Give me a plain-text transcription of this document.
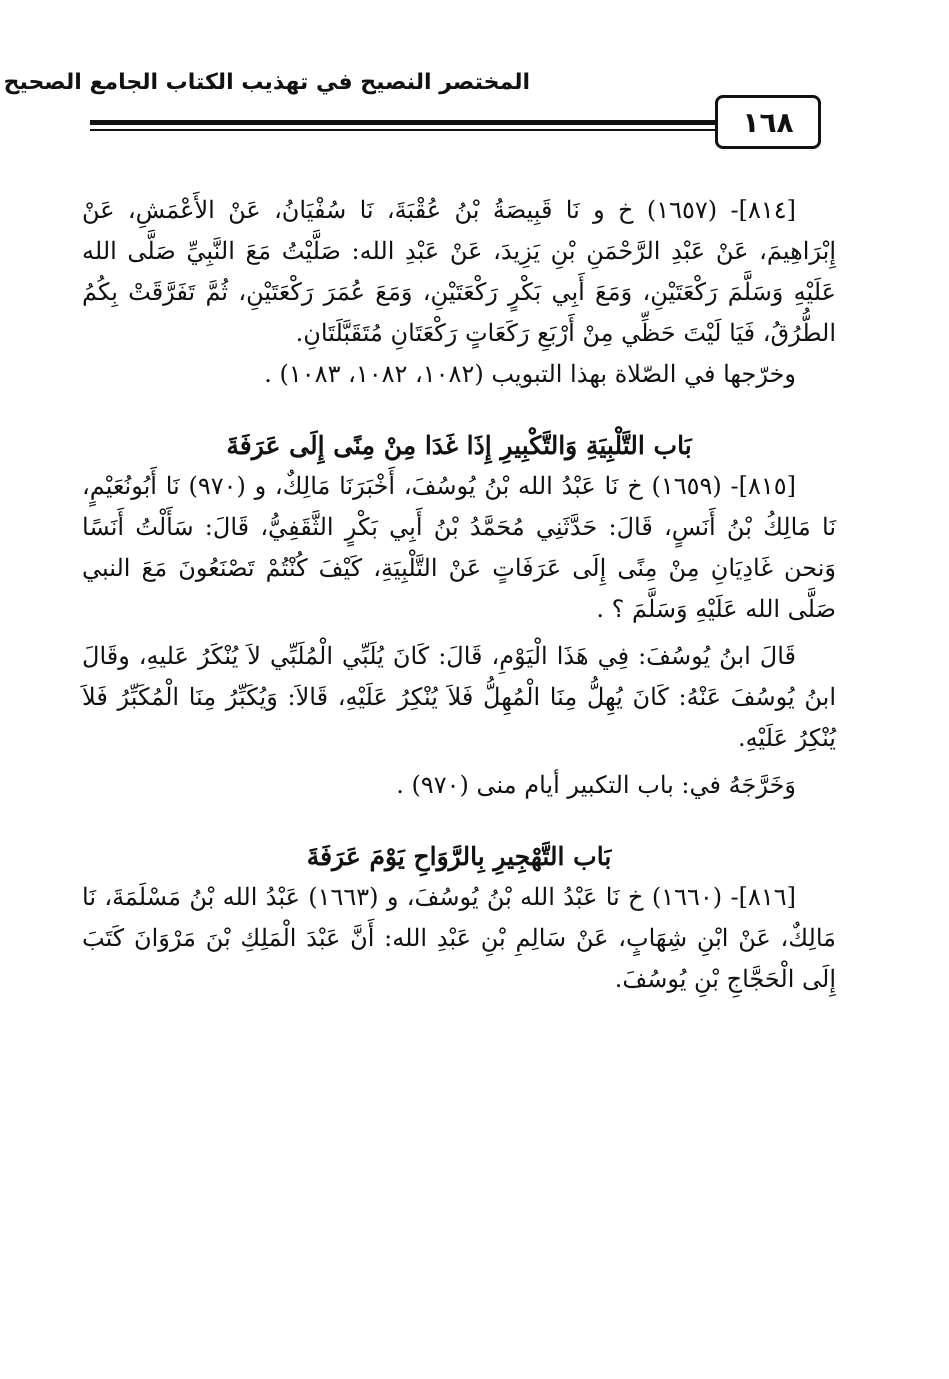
المختصر النصيح في تهذيب الكتاب الجامع الصحيح
١٦٨

[٨١٤]- (١٦٥٧) خ و نَا قَبِيصَةُ بْنُ عُقْبَةَ، نَا سُفْيَانُ، عَنْ الأَعْمَشِ، عَنْ إِبْرَاهِيمَ، عَنْ عَبْدِ الرَّحْمَنِ بْنِ يَزِيدَ، عَنْ عَبْدِ الله: صَلَّيْتُ مَعَ النَّبِيِّ صَلَّى الله عَلَيْهِ وَسَلَّمَ رَكْعَتَيْنِ، وَمَعَ أَبِي بَكْرٍ رَكْعَتَيْنِ، وَمَعَ عُمَرَ رَكْعَتَيْنِ، ثُمَّ تَفَرَّقَتْ بِكُمُ الطُّرُقُ، فَيَا لَيْتَ حَظِّي مِنْ أَرْبَعِ رَكَعَاتٍ رَكْعَتَانِ مُتَقَبَّلَتَانِ.

وخرّجها في الصّلاة بهذا التبويب (١٠٨٢، ١٠٨٢، ١٠٨٣) .

بَاب التَّلْبِيَةِ وَالتَّكْبِيرِ إِذَا غَدَا مِنْ مِنًى إِلَى عَرَفَةَ

[٨١٥]- (١٦٥٩) خ نَا عَبْدُ الله بْنُ يُوسُفَ، أَخْبَرَنَا مَالِكٌ، و (٩٧٠) نَا أَبُونُعَيْمٍ، نَا مَالِكُ بْنُ أَنَسٍ، قَالَ: حَدَّثَنِي مُحَمَّدُ بْنُ أَبِي بَكْرٍ الثَّقَفِيُّ، قَالَ: سَأَلْتُ أَنَسًا وَنحن غَادِيَانِ مِنْ مِنًى إِلَى عَرَفَاتٍ عَنْ التَّلْبِيَةِ، كَيْفَ كُنْتُمْ تَصْنَعُونَ مَعَ النبي صَلَّى الله عَلَيْهِ وَسَلَّمَ ؟ .

قَالَ ابنُ يُوسُفَ: فِي هَذَا الْيَوْمِ، قَالَ: كَانَ يُلَبِّي الْمُلَبِّي لاَ يُنْكَرُ عَليهِ، وقَالَ ابنُ يُوسُفَ عَنْهُ: كَانَ يُهِلُّ مِنَا الْمُهِلُّ فَلاَ يُنْكِرُ عَلَيْهِ، قَالاَ: وَيُكَبِّرُ مِنَا الْمُكَبِّرُ فَلاَ يُنْكِرُ عَلَيْهِ.

وَخَرَّجَهُ في: باب التكبير أيام منى (٩٧٠) .

بَاب التَّهْجِيرِ بِالرَّوَاحِ يَوْمَ عَرَفَةَ

[٨١٦]- (١٦٦٠) خ نَا عَبْدُ الله بْنُ يُوسُفَ، و (١٦٦٣) عَبْدُ الله بْنُ مَسْلَمَةَ، نَا مَالِكٌ، عَنْ ابْنِ شِهَابٍ، عَنْ سَالِمِ بْنِ عَبْدِ الله: أَنَّ عَبْدَ الْمَلِكِ بْنَ مَرْوَانَ كَتَبَ إِلَى الْحَجَّاجِ بْنِ يُوسُفَ.
